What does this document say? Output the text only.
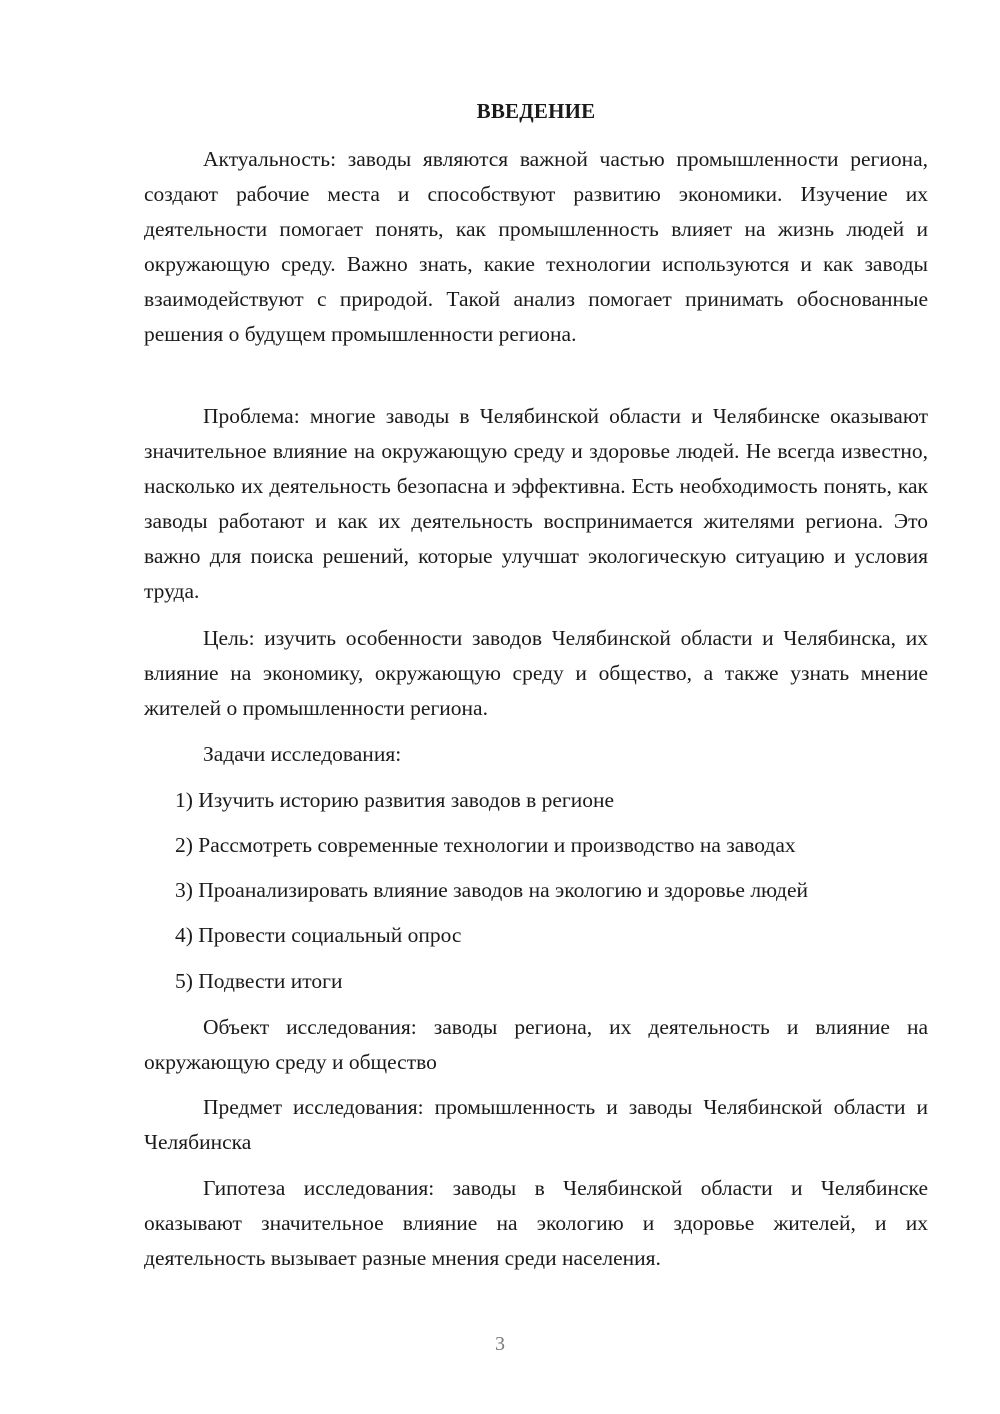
ВВЕДЕНИЕ

Актуальность: заводы являются важной частью промышленности региона, создают рабочие места и способствуют развитию экономики. Изучение их деятельности помогает понять, как промышленность влияет на жизнь людей и окружающую среду. Важно знать, какие технологии используются и как заводы взаимодействуют с природой. Такой анализ помогает принимать обоснованные решения о будущем промышленности региона.

Проблема: многие заводы в Челябинской области и Челябинске оказывают значительное влияние на окружающую среду и здоровье людей. Не всегда известно, насколько их деятельность безопасна и эффективна. Есть необходимость понять, как заводы работают и как их деятельность воспринимается жителями региона. Это важно для поиска решений, которые улучшат экологическую ситуацию и условия труда.

Цель: изучить особенности заводов Челябинской области и Челябинска, их влияние на экономику, окружающую среду и общество, а также узнать мнение жителей о промышленности региона.

Задачи исследования:

1) Изучить историю развития заводов в регионе
2) Рассмотреть современные технологии и производство на заводах
3) Проанализировать влияние заводов на экологию и здоровье людей
4) Провести социальный опрос
5) Подвести итоги

Объект исследования: заводы региона, их деятельность и влияние на окружающую среду и общество

Предмет исследования: промышленность и заводы Челябинской области и Челябинска

Гипотеза исследования: заводы в Челябинской области и Челябинске оказывают значительное влияние на экологию и здоровье жителей, и их деятельность вызывает разные мнения среди населения.

3
